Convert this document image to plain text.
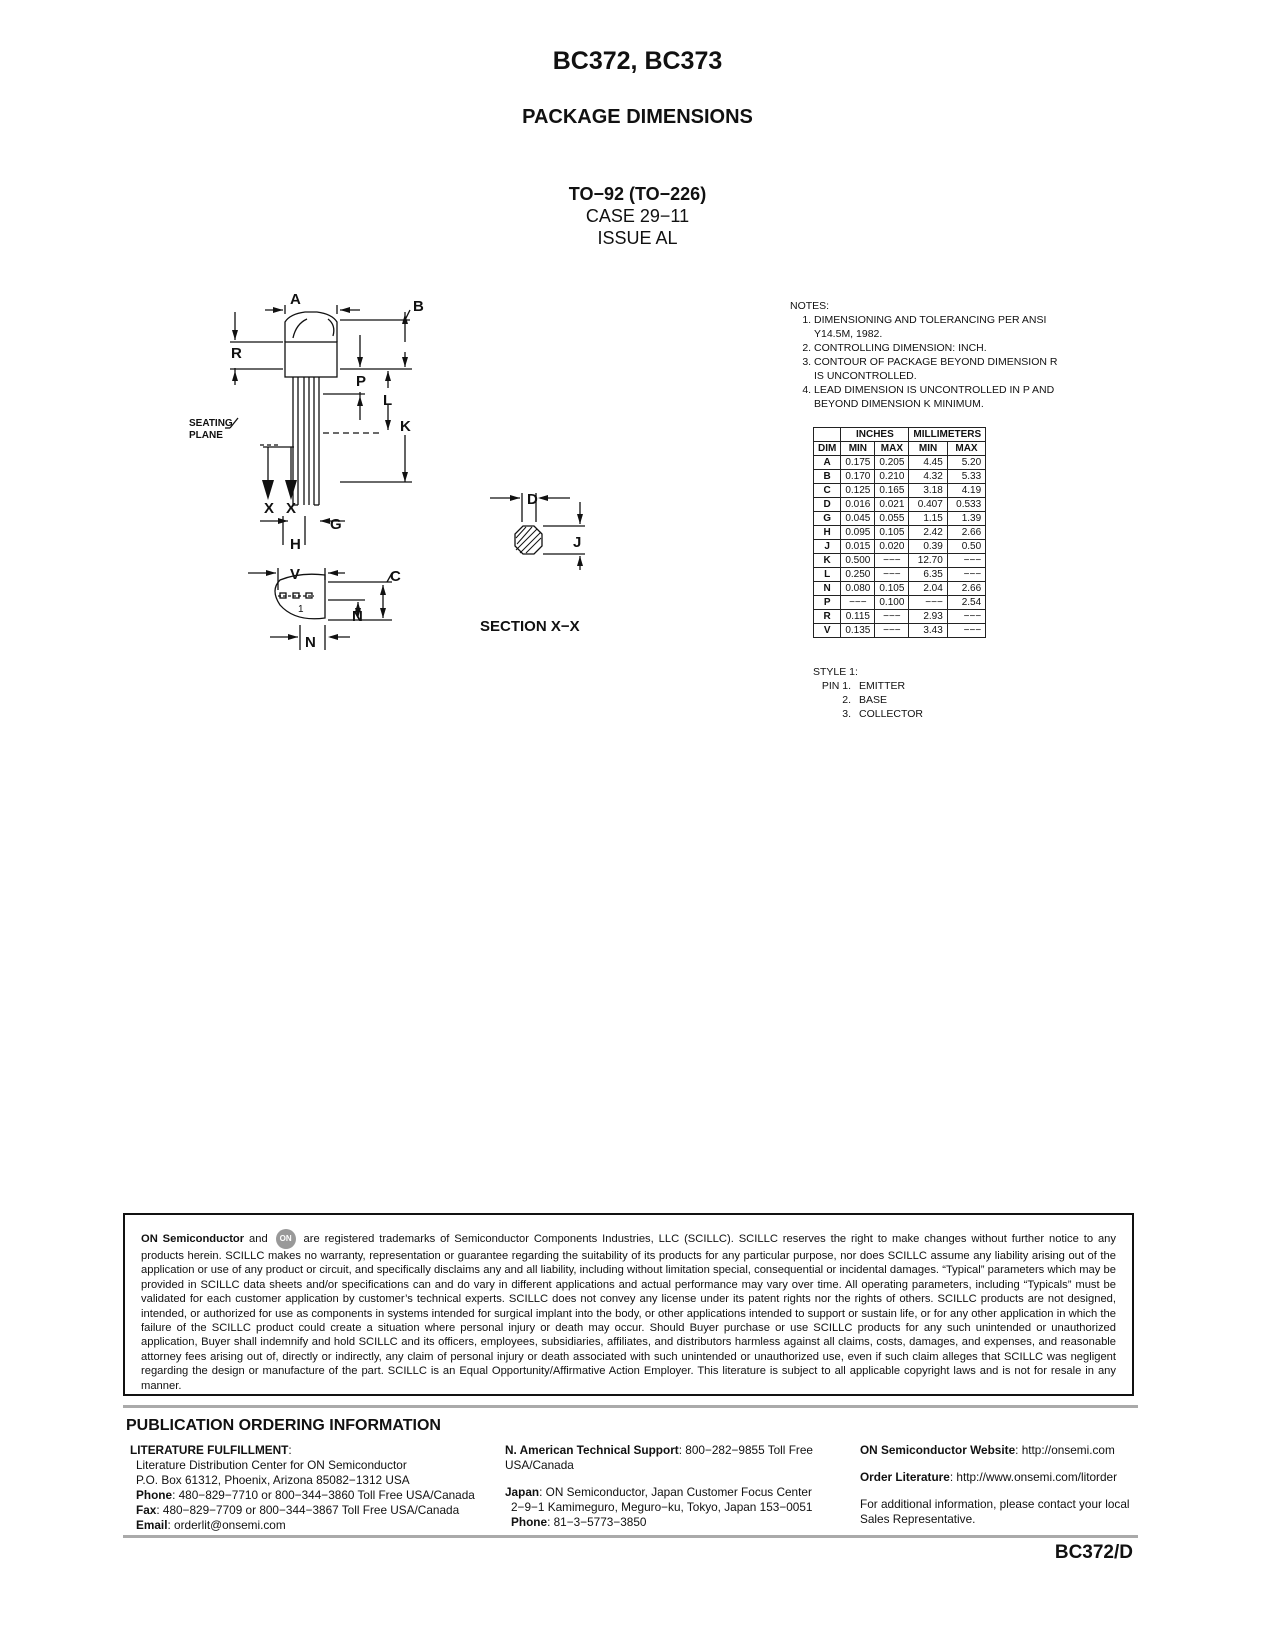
BC372, BC373
PACKAGE DIMENSIONS
TO−92 (TO−226)
CASE 29−11
ISSUE AL
A	B
R
P
L
K
X X
G
H
V	C
N
N
D
J
SECTION X−X
SEATING
PLANE
1
NOTES:
1. DIMENSIONING AND TOLERANCING PER ANSI Y14.5M, 1982.
2. CONTROLLING DIMENSION: INCH.
3. CONTOUR OF PACKAGE BEYOND DIMENSION R IS UNCONTROLLED.
4. LEAD DIMENSION IS UNCONTROLLED IN P AND BEYOND DIMENSION K MINIMUM.
	INCHES		MILLIMETERS	
DIM	MIN	MAX	MIN	MAX
A	0.175	0.205	4.45	5.20
B	0.170	0.210	4.32	5.33
C	0.125	0.165	3.18	4.19
D	0.016	0.021	0.407	0.533
G	0.045	0.055	1.15	1.39
H	0.095	0.105	2.42	2.66
J	0.015	0.020	0.39	0.50
K	0.500	−−−	12.70	−−−
L	0.250	−−−	6.35	−−−
N	0.080	0.105	2.04	2.66
P	−−−	0.100	−−−	2.54
R	0.115	−−−	2.93	−−−
V	0.135	−−−	3.43	−−−
STYLE 1:
PIN 1. EMITTER
2. BASE
3. COLLECTOR
ON Semiconductor and ON are registered trademarks of Semiconductor Components Industries, LLC (SCILLC). SCILLC reserves the right to make changes without further notice to any products herein. SCILLC makes no warranty, representation or guarantee regarding the suitability of its products for any particular purpose, nor does SCILLC assume any liability arising out of the application or use of any product or circuit, and specifically disclaims any and all liability, including without limitation special, consequential or incidental damages. “Typical” parameters which may be provided in SCILLC data sheets and/or specifications can and do vary in different applications and actual performance may vary over time. All operating parameters, including “Typicals” must be validated for each customer application by customer’s technical experts. SCILLC does not convey any license under its patent rights nor the rights of others. SCILLC products are not designed, intended, or authorized for use as components in systems intended for surgical implant into the body, or other applications intended to support or sustain life, or for any other application in which the failure of the SCILLC product could create a situation where personal injury or death may occur. Should Buyer purchase or use SCILLC products for any such unintended or unauthorized application, Buyer shall indemnify and hold SCILLC and its officers, employees, subsidiaries, affiliates, and distributors harmless against all claims, costs, damages, and expenses, and reasonable attorney fees arising out of, directly or indirectly, any claim of personal injury or death associated with such unintended or unauthorized use, even if such claim alleges that SCILLC was negligent regarding the design or manufacture of the part. SCILLC is an Equal Opportunity/Affirmative Action Employer. This literature is subject to all applicable copyright laws and is not for resale in any manner.
PUBLICATION ORDERING INFORMATION
LITERATURE FULFILLMENT:
Literature Distribution Center for ON Semiconductor
P.O. Box 61312, Phoenix, Arizona 85082−1312 USA
Phone: 480−829−7710 or 800−344−3860 Toll Free USA/Canada
Fax: 480−829−7709 or 800−344−3867 Toll Free USA/Canada
Email: orderlit@onsemi.com
N. American Technical Support: 800−282−9855 Toll Free USA/Canada
Japan: ON Semiconductor, Japan Customer Focus Center
2−9−1 Kamimeguro, Meguro−ku, Tokyo, Japan 153−0051
Phone: 81−3−5773−3850
ON Semiconductor Website: http://onsemi.com
Order Literature: http://www.onsemi.com/litorder
For additional information, please contact your local Sales Representative.
BC372/D
